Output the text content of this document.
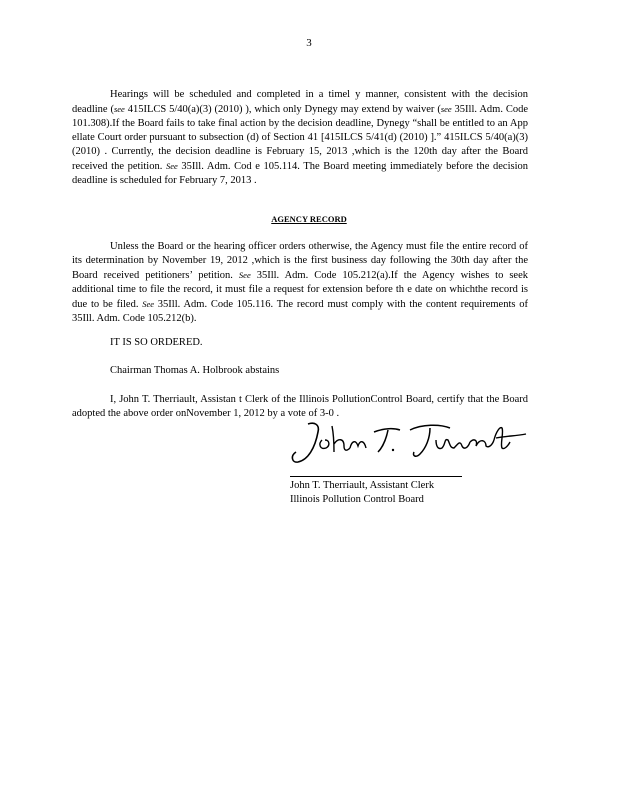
3
Hearings will be scheduled and completed in a timel y manner, consistent with the decision deadline (see 415ILCS 5/40(a)(3) (2010) ), which only Dynegy may extend by waiver (see 35Ill. Adm. Code 101.308).If the Board fails to take final action by the decision deadline, Dynegy “shall be entitled to an App ellate Court order pursuant to subsection (d) of Section 41 [415ILCS 5/41(d) (2010) ].” 415ILCS 5/40(a)(3) (2010) . Currently, the decision deadline is February 15, 2013 ,which is the 120th day after the Board received the petition. See 35Ill. Adm. Cod e 105.114. The Board meeting immediately before the decision deadline is scheduled for February 7, 2013 .
AGENCY RECORD
Unless the Board or the hearing officer orders otherwise, the Agency must file the entire record of its determination by November 19, 2012 ,which is the first business day following the 30th day after the Board received petitioners’ petition. See 35Ill. Adm. Code 105.212(a).If the Agency wishes to seek additional time to file the record, it must file a request for extension before th e date on whichthe record is due to be filed. See 35Ill. Adm. Code 105.116. The record must comply with the content requirements of 35Ill. Adm. Code 105.212(b).
IT IS SO ORDERED.
Chairman Thomas A. Holbrook abstains
I, John T. Therriault, Assistan t Clerk of the Illinois PollutionControl Board, certify that the Board adopted the above order onNovember 1, 2012 by a vote of 3-0 .
John T. Therriault, Assistant Clerk
Illinois Pollution Control Board
